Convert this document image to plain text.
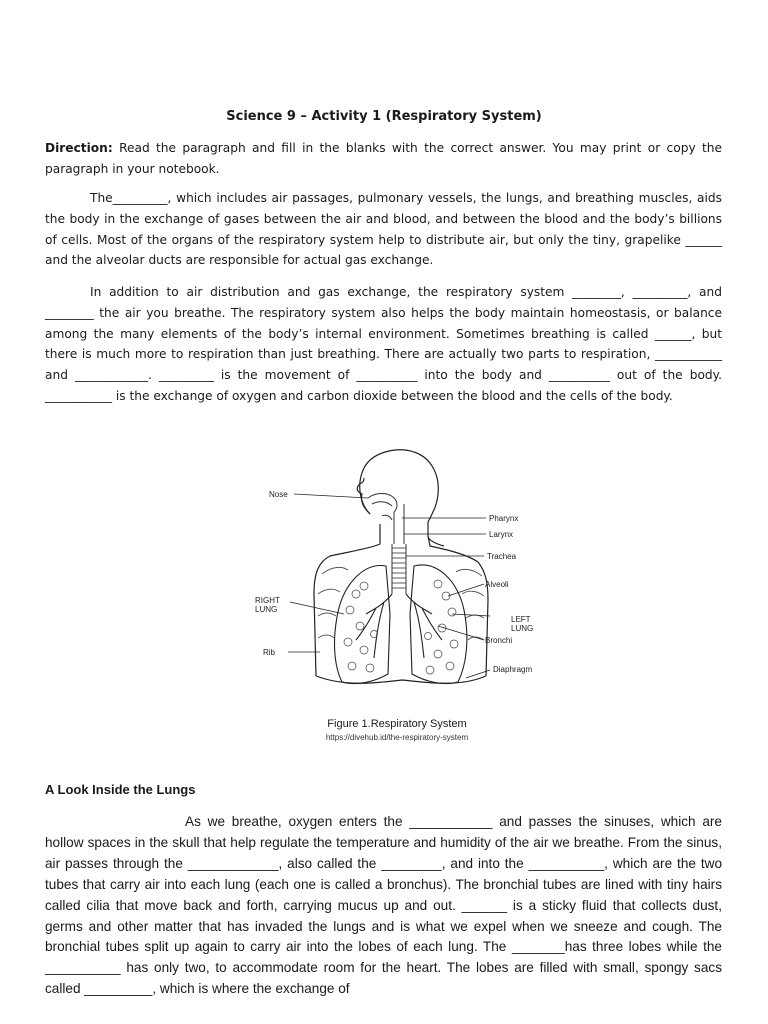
Science 9 – Activity 1 (Respiratory System)

Direction: Read the paragraph and fill in the blanks with the correct answer. You may print or copy the paragraph in your notebook.

The_________, which includes air passages, pulmonary vessels, the lungs, and breathing muscles, aids the body in the exchange of gases between the air and blood, and between the blood and the body’s billions of cells. Most of the organs of the respiratory system help to distribute air, but only the tiny, grapelike ______ and the alveolar ducts are responsible for actual gas exchange.

In addition to air distribution and gas exchange, the respiratory system ________, _________, and ________ the air you breathe. The respiratory system also helps the body maintain homeostasis, or balance among the many elements of the body’s internal environment. Sometimes breathing is called ______, but there is much more to respiration than just breathing. There are actually two parts to respiration, ___________ and ____________. _________ is the movement of __________ into the body and __________ out of the body. ___________ is the exchange of oxygen and carbon dioxide between the blood and the cells of the body.

Nose
Pharynx
Larynx
Trachea
Alveoli
RIGHT
LUNG
LEFT
LUNG
Bronchi
Rib
Diaphragm
Figure 1.Respiratory System
https://divehub.id/the-respiratory-system
A Look Inside the Lungs

As we breathe, oxygen enters the ___________ and passes the sinuses, which are hollow spaces in the skull that help regulate the temperature and humidity of the air we breathe. From the sinus, air passes through the ____________, also called the ________, and into the __________, which are the two tubes that carry air into each lung (each one is called a bronchus). The bronchial tubes are lined with tiny hairs called cilia that move back and forth, carrying mucus up and out. ______ is a sticky fluid that collects dust, germs and other matter that has invaded the lungs and is what we expel when we sneeze and cough. The bronchial tubes split up again to carry air into the lobes of each lung. The _______has three lobes while the __________ has only two, to accommodate room for the heart. The lobes are filled with small, spongy sacs called _________, which is where the exchange of
